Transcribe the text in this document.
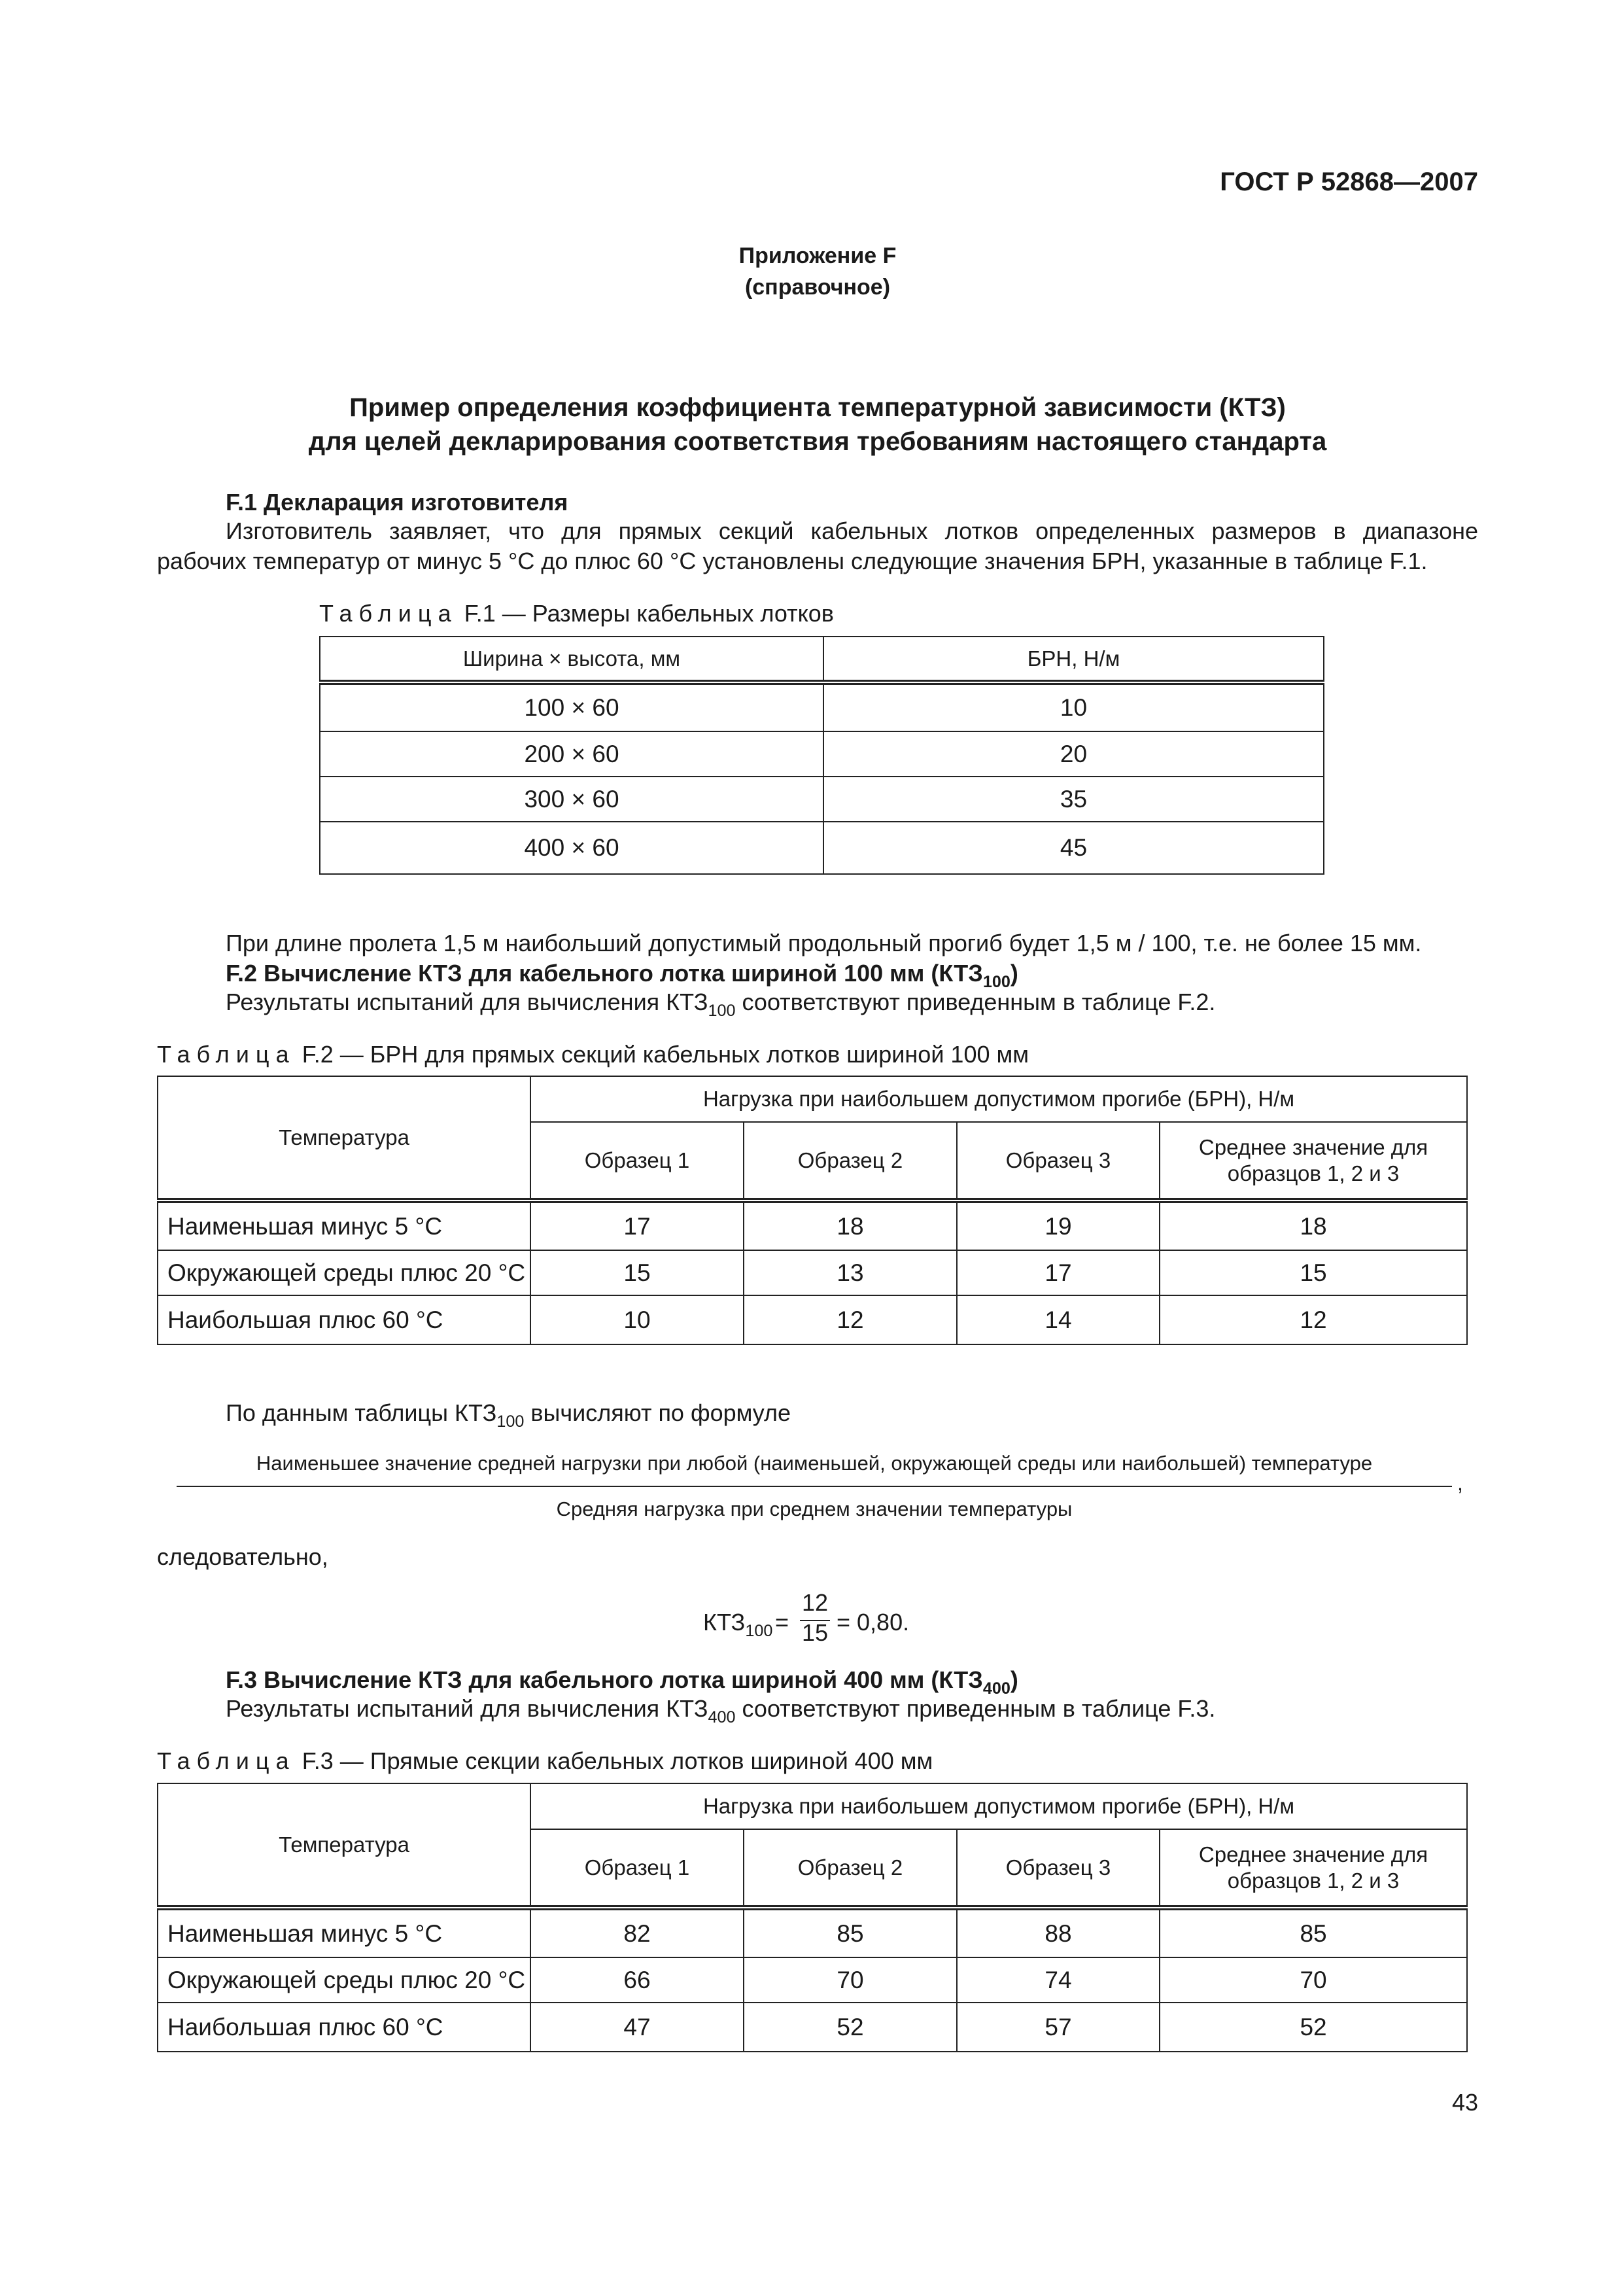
ГОСТ Р 52868—2007
Приложение F
(справочное)
Пример определения коэффициента температурной зависимости (КТЗ)
для целей декларирования соответствия требованиям настоящего стандарта
F.1 Декларация изготовителя
Изготовитель заявляет, что для прямых секций кабельных лотков определенных размеров в диапазоне
рабочих температур от минус 5 °С до плюс 60 °С установлены следующие значения БРН, указанные в таблице F.1.
Таблица F.1 — Размеры кабельных лотков
Ширина × высота, мм	БРН, Н/м
100 × 60	10
200 × 60	20
300 × 60	35
400 × 60	45
При длине пролета 1,5 м наибольший допустимый продольный прогиб будет 1,5 м / 100, т.е. не более 15 мм.
F.2 Вычисление КТЗ для кабельного лотка шириной 100 мм $(КТЗ_{100})$
Результаты испытаний для вычисления $КТЗ_{100}$ соответствуют приведенным в таблице F.2.
Таблица F.2 — БРН для прямых секций кабельных лотков шириной 100 мм
Температура	Нагрузка при наибольшем допустимом прогибе (БРН), Н/м			
	Образец 1	Образец 2	Образец 3	Среднее значение для
образцов 1, 2 и 3

Наименьшая минус 5 °С	17	18	19	18
Окружающей среды плюс 20 °С	15	13	17	15
Наибольшая плюс 60 °С	10	12	14	12
По данным таблицы $КТЗ_{100}$ вычисляют по формуле
Наименьшее значение средней нагрузки при любой (наименьшей, окружающей среды или наибольшей) температуре
,
Средняя нагрузка при среднем значении температуры
следовательно,
$КТЗ_{100}$ =
12
15 = 0,80.
F.3 Вычисление КТЗ для кабельного лотка шириной 400 мм $(КТЗ_{400})$
Результаты испытаний для вычисления $КТЗ_{400}$ соответствуют приведенным в таблице F.3.
Таблица F.3 — Прямые секции кабельных лотков шириной 400 мм
Температура	Нагрузка при наибольшем допустимом прогибе (БРН), Н/м			
	Образец 1	Образец 2	Образец 3	Среднее значение для
образцов 1, 2 и 3

Наименьшая минус 5 °С	82	85	88	85
Окружающей среды плюс 20 °С	66	70	74	70
Наибольшая плюс 60 °С	47	52	57	52
43
